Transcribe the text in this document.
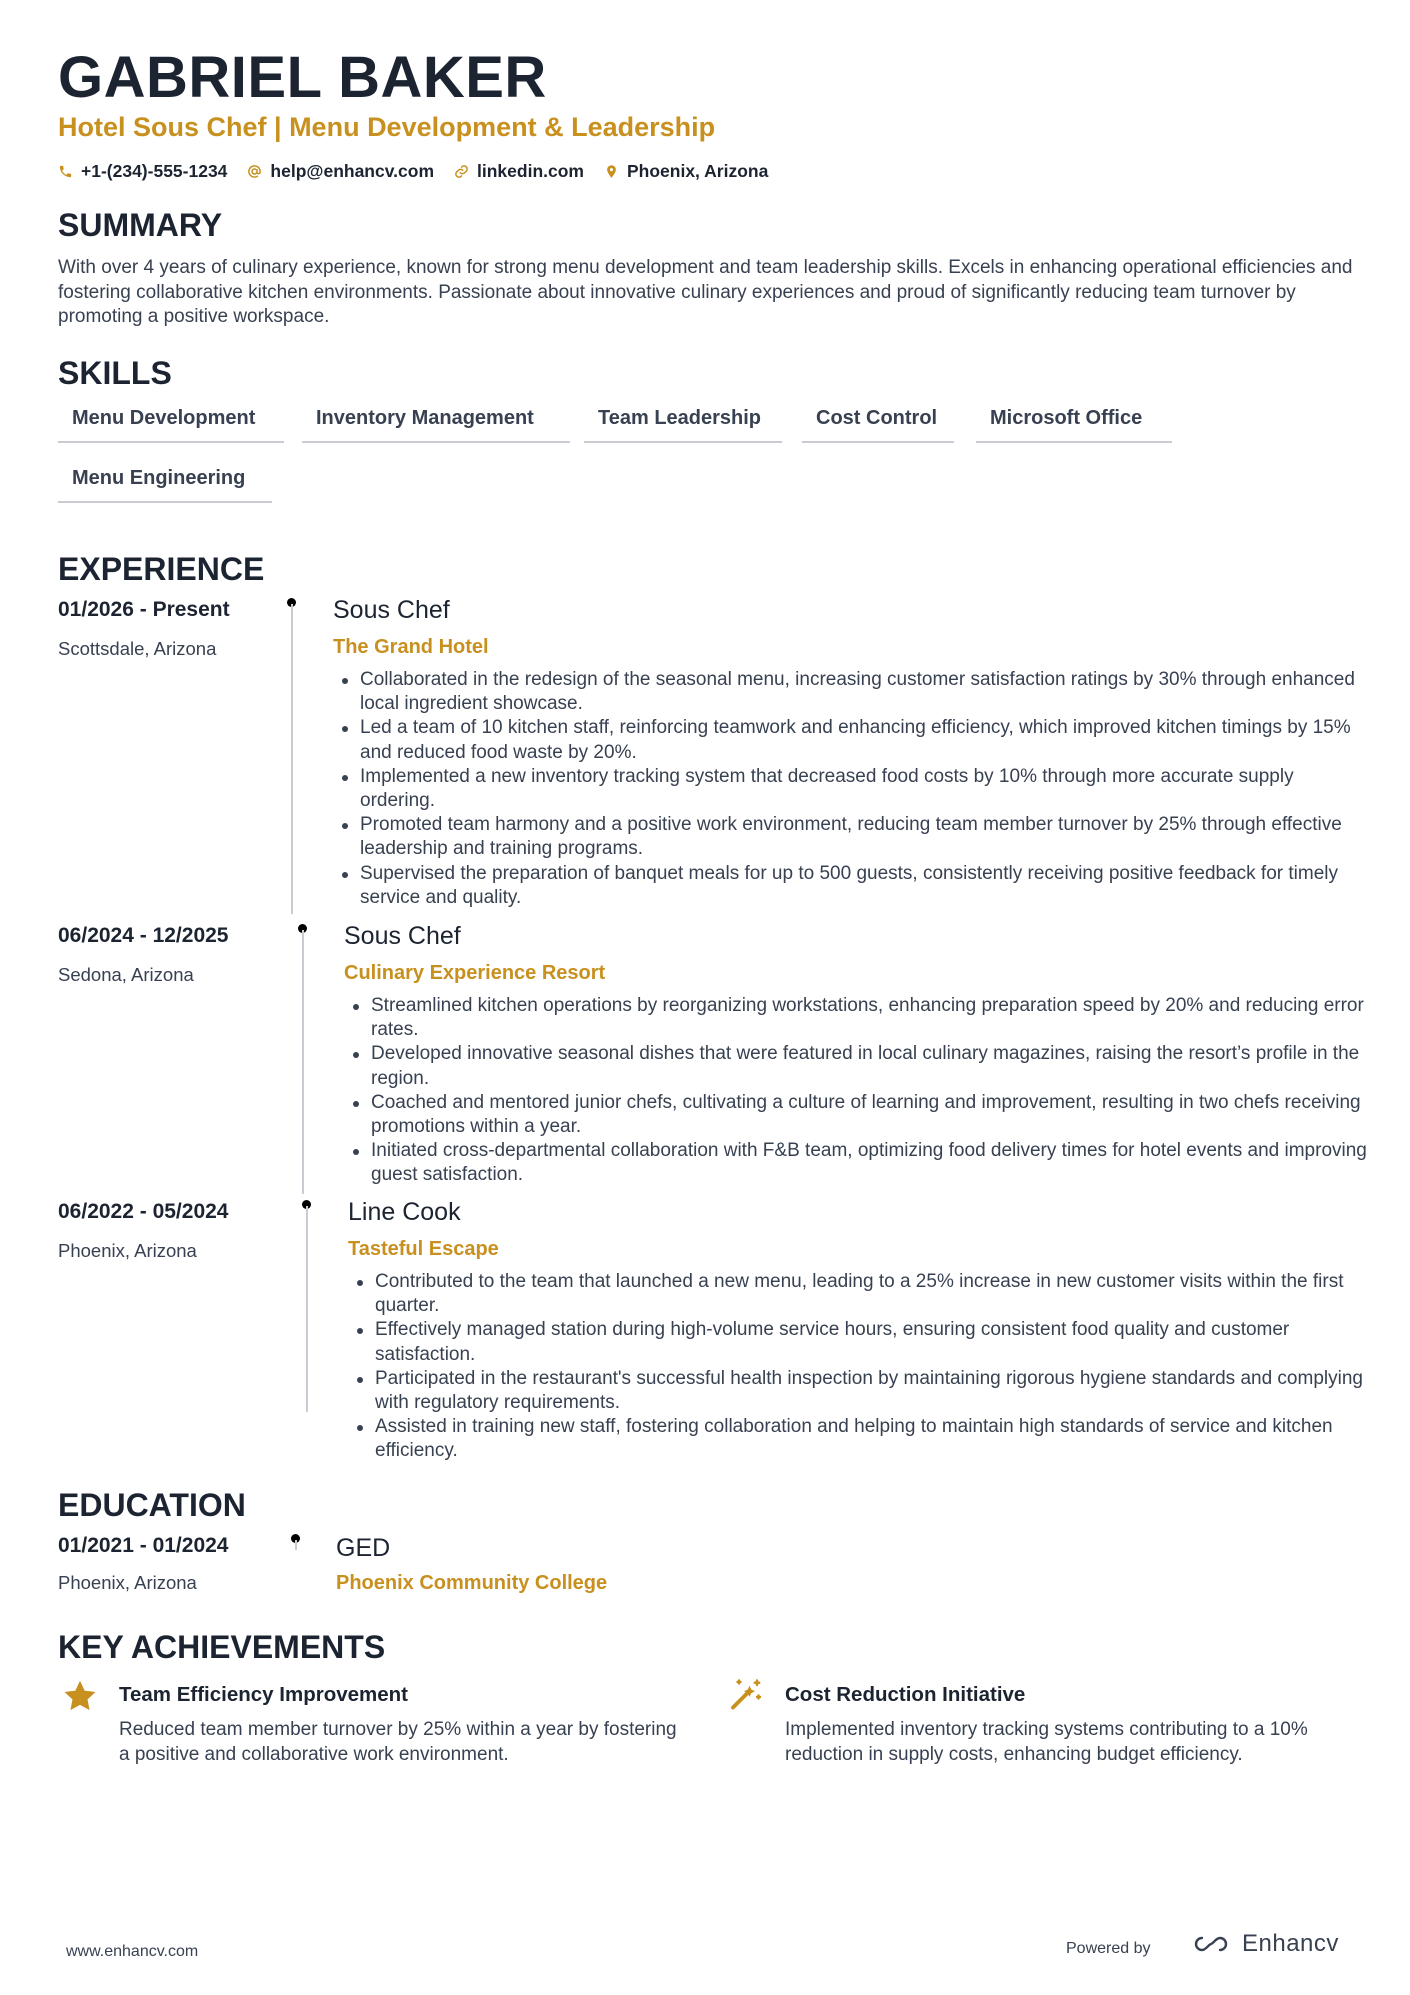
GABRIEL BAKER
Hotel Sous Chef | Menu Development & Leadership
+1-(234)-555-1234 help@enhancv.com linkedin.com Phoenix, Arizona
SUMMARY
With over 4 years of culinary experience, known for strong menu development and team leadership skills. Excels in enhancing operational efficiencies and fostering collaborative kitchen environments. Passionate about innovative culinary experiences and proud of significantly reducing team turnover by promoting a positive workspace.
SKILLS
Menu Development	Inventory Management	Team Leadership	Cost Control	Microsoft Office
Menu Engineering
EXPERIENCE
01/2026 - Present
Scottsdale, Arizona
Sous Chef
The Grand Hotel
Collaborated in the redesign of the seasonal menu, increasing customer satisfaction ratings by 30% through enhanced local ingredient showcase.
Led a team of 10 kitchen staff, reinforcing teamwork and enhancing efficiency, which improved kitchen timings by 15% and reduced food waste by 20%.
Implemented a new inventory tracking system that decreased food costs by 10% through more accurate supply ordering.
Promoted team harmony and a positive work environment, reducing team member turnover by 25% through effective leadership and training programs.
Supervised the preparation of banquet meals for up to 500 guests, consistently receiving positive feedback for timely service and quality.
06/2024 - 12/2025
Sedona, Arizona
Sous Chef
Culinary Experience Resort
Streamlined kitchen operations by reorganizing workstations, enhancing preparation speed by 20% and reducing error rates.
Developed innovative seasonal dishes that were featured in local culinary magazines, raising the resort’s profile in the region.
Coached and mentored junior chefs, cultivating a culture of learning and improvement, resulting in two chefs receiving promotions within a year.
Initiated cross-departmental collaboration with F&B team, optimizing food delivery times for hotel events and improving guest satisfaction.
06/2022 - 05/2024
Phoenix, Arizona
Line Cook
Tasteful Escape
Contributed to the team that launched a new menu, leading to a 25% increase in new customer visits within the first quarter.
Effectively managed station during high-volume service hours, ensuring consistent food quality and customer satisfaction.
Participated in the restaurant's successful health inspection by maintaining rigorous hygiene standards and complying with regulatory requirements.
Assisted in training new staff, fostering collaboration and helping to maintain high standards of service and kitchen efficiency.
EDUCATION
01/2021 - 01/2024
Phoenix, Arizona
GED
Phoenix Community College
KEY ACHIEVEMENTS
Team Efficiency Improvement
Reduced team member turnover by 25% within a year by fostering a positive and collaborative work environment.
Cost Reduction Initiative
Implemented inventory tracking systems contributing to a 10% reduction in supply costs, enhancing budget efficiency.
www.enhancv.com	Powered by	Enhancv
